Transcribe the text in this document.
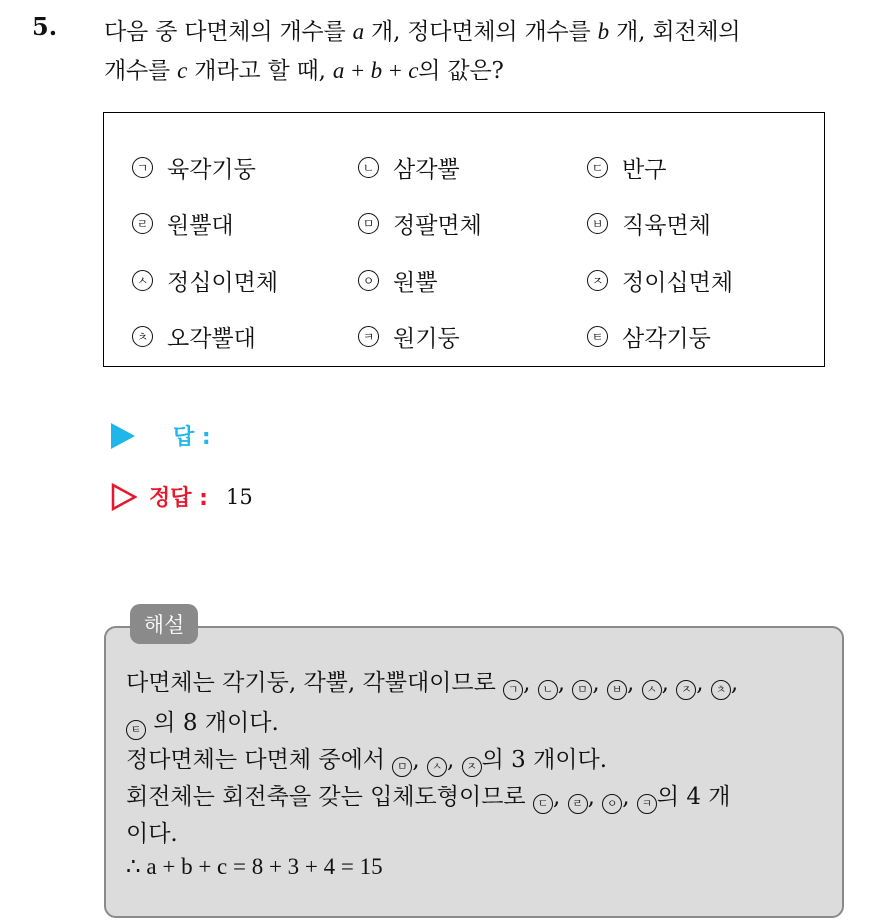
5. 다음 중 다면체의 개수를 a 개, 정다면체의 개수를 b 개, 회전체의
개수를 c 개라고 할 때, a + b + c의 값은?
ㄱ 육각기둥	ㄴ 삼각뿔	ㄷ 반구
ㄹ 원뿔대	ㅁ 정팔면체	ㅂ 직육면체
ㅅ 정십이면체	ㅇ 원뿔	ㅈ 정이십면체
ㅊ 오각뿔대	ㅋ 원기둥	ㅌ 삼각기둥
답 :
정답 : 15
해설
다면체는 각기둥, 각뿔, 각뿔대이므로 ㄱ , ㄴ , ㅁ , ㅂ , ㅅ , ㅈ , ㅊ ,
ㅌ 의 8 개이다.
정다면체는 다면체 중에서 ㅁ , ㅅ , ㅈ 의 3 개이다.
회전체는 회전축을 갖는 입체도형이므로 ㄷ , ㄹ , ㅇ , ㅋ 의 4 개
이다.
∴ a + b + c = 8 + 3 + 4 = 15
